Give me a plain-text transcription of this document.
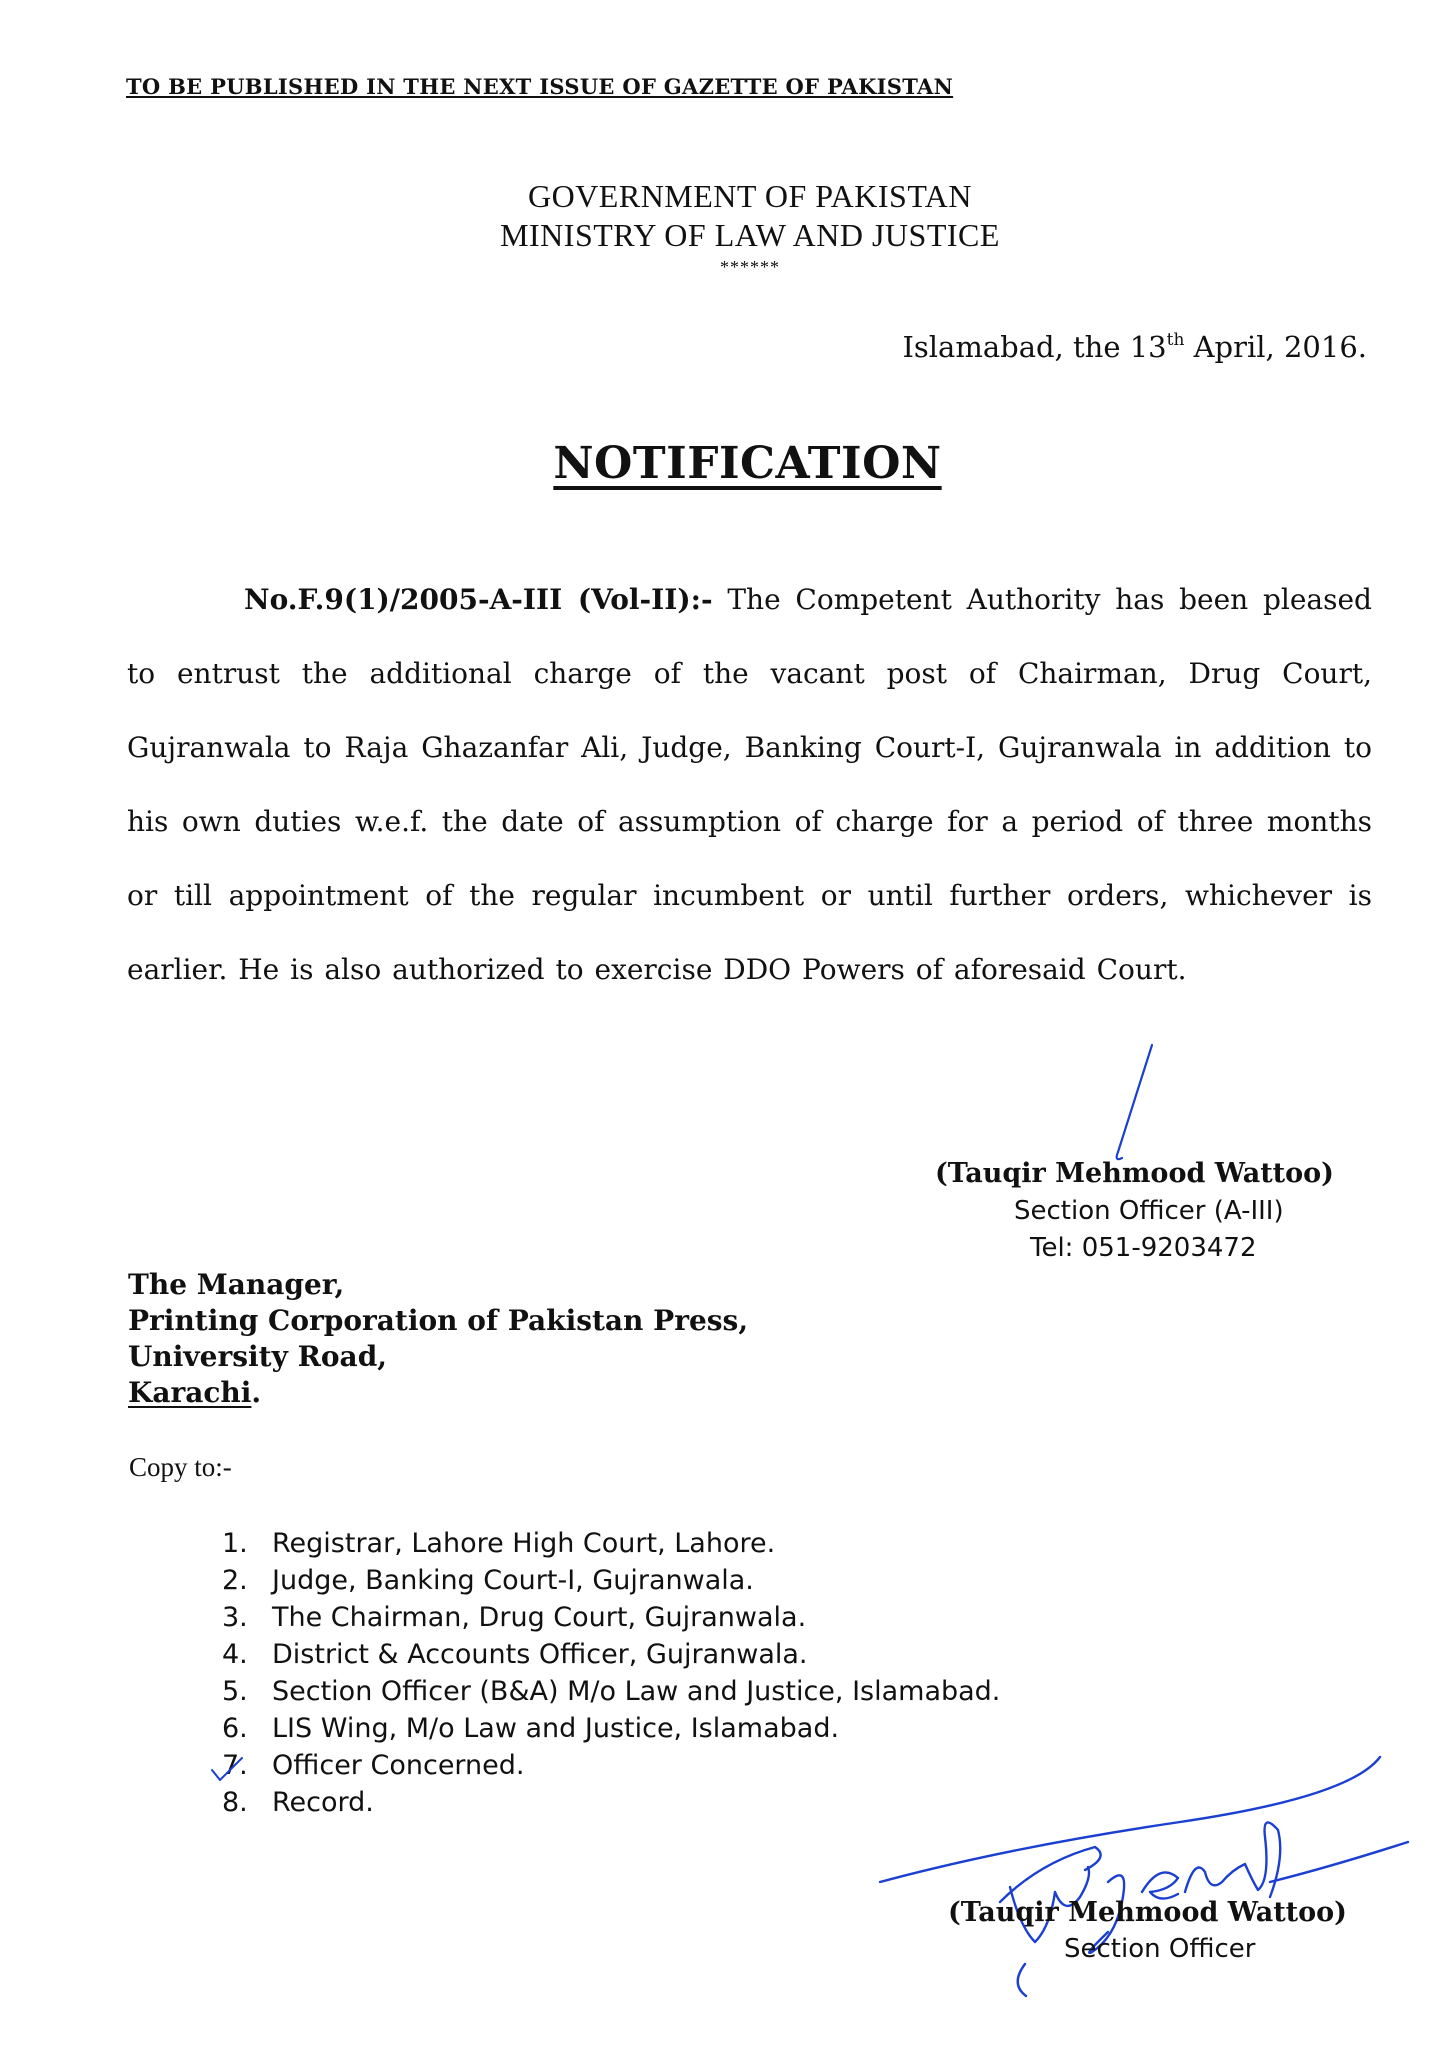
TO BE PUBLISHED IN THE NEXT ISSUE OF GAZETTE OF PAKISTAN
GOVERNMENT OF PAKISTAN
MINISTRY OF LAW AND JUSTICE
******
Islamabad, the 13th April, 2016.
NOTIFICATION
No.F.9(1)/2005-A-III (Vol-II):- The Competent Authority has been pleased to entrust the additional charge of the vacant post of Chairman, Drug Court, Gujranwala to Raja Ghazanfar Ali, Judge, Banking Court-I, Gujranwala in addition to his own duties w.e.f. the date of assumption of charge for a period of three months or till appointment of the regular incumbent or until further orders, whichever is earlier. He is also authorized to exercise DDO Powers of aforesaid Court.
(Tauqir Mehmood Wattoo)
Section Officer (A-III)
Tel: 051-9203472
The Manager,
Printing Corporation of Pakistan Press,
University Road,
Karachi.
Copy to:-
1. Registrar, Lahore High Court, Lahore.
2. Judge, Banking Court-I, Gujranwala.
3. The Chairman, Drug Court, Gujranwala.
4. District & Accounts Officer, Gujranwala.
5. Section Officer (B&A) M/o Law and Justice, Islamabad.
6. LIS Wing, M/o Law and Justice, Islamabad.
7. Officer Concerned.
8. Record.
(Tauqir Mehmood Wattoo)
Section Officer
